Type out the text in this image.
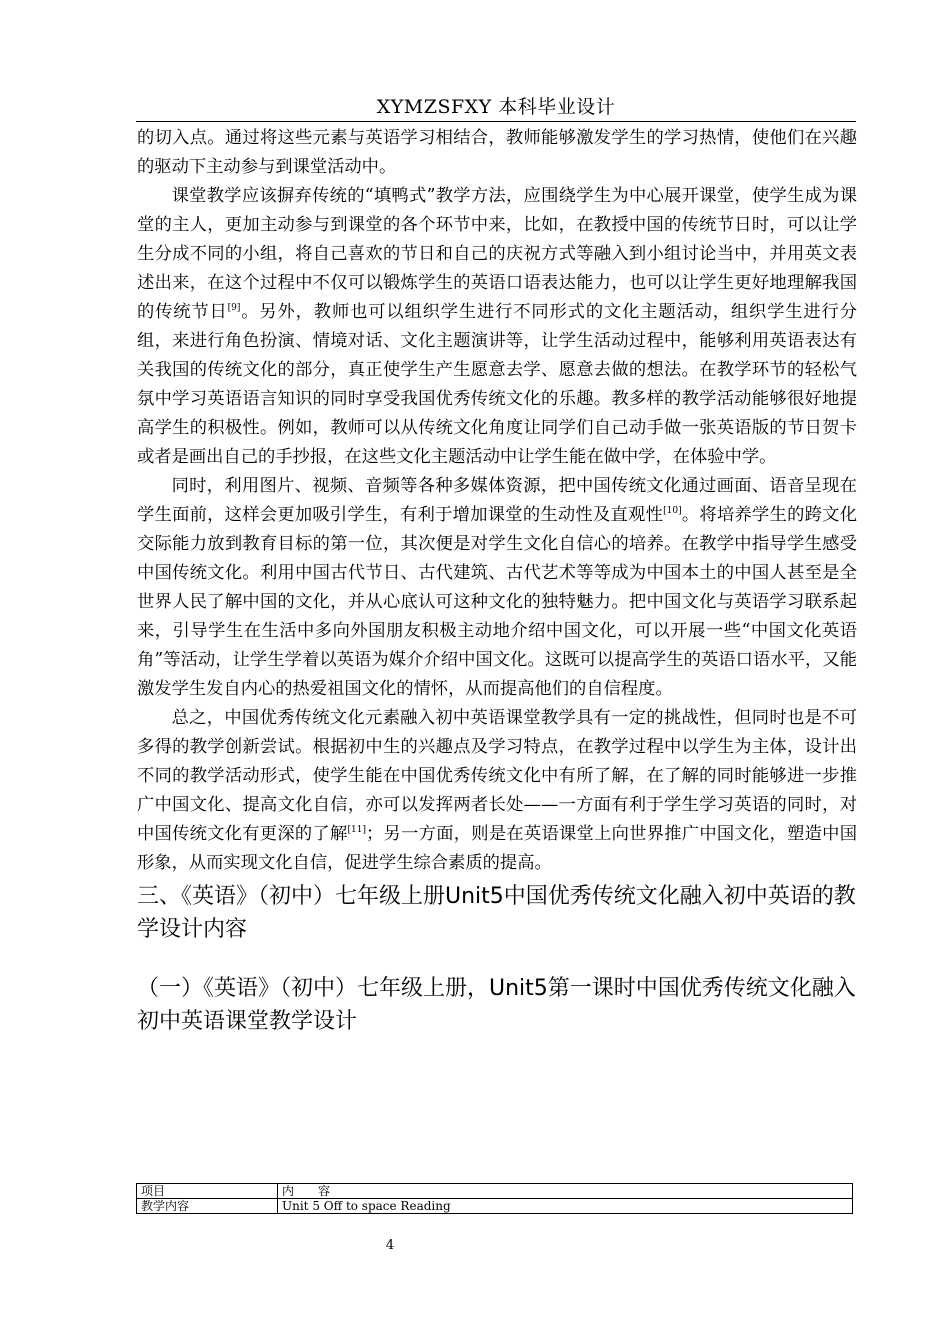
XYMZSFXY 本科毕业设计

的切入点。通过将这些元素与英语学习相结合，教师能够激发学生的学习热情，使他们在兴趣的驱动下主动参与到课堂活动中。

课堂教学应该摒弃传统的“填鸭式”教学方法，应围绕学生为中心展开课堂，使学生成为课堂的主人，更加主动参与到课堂的各个环节中来，比如，在教授中国的传统节日时，可以让学生分成不同的小组，将自己喜欢的节日和自己的庆祝方式等融入到小组讨论当中，并用英文表述出来，在这个过程中不仅可以锻炼学生的英语口语表达能力，也可以让学生更好地理解我国的传统节日[9]。另外，教师也可以组织学生进行不同形式的文化主题活动，组织学生进行分组，来进行角色扮演、情境对话、文化主题演讲等，让学生活动过程中，能够利用英语表达有关我国的传统文化的部分，真正使学生产生愿意去学、愿意去做的想法。在教学环节的轻松气氛中学习英语语言知识的同时享受我国优秀传统文化的乐趣。教多样的教学活动能够很好地提高学生的积极性。例如，教师可以从传统文化角度让同学们自己动手做一张英语版的节日贺卡或者是画出自己的手抄报，在这些文化主题活动中让学生能在做中学，在体验中学。

同时，利用图片、视频、音频等各种多媒体资源，把中国传统文化通过画面、语音呈现在学生面前，这样会更加吸引学生，有利于增加课堂的生动性及直观性[10]。将培养学生的跨文化交际能力放到教育目标的第一位，其次便是对学生文化自信心的培养。在教学中指导学生感受中国传统文化。利用中国古代节日、古代建筑、古代艺术等等成为中国本土的中国人甚至是全世界人民了解中国的文化，并从心底认可这种文化的独特魅力。把中国文化与英语学习联系起来，引导学生在生活中多向外国朋友积极主动地介绍中国文化，可以开展一些“中国文化英语角”等活动，让学生学着以英语为媒介介绍中国文化。这既可以提高学生的英语口语水平，又能激发学生发自内心的热爱祖国文化的情怀，从而提高他们的自信程度。

总之，中国优秀传统文化元素融入初中英语课堂教学具有一定的挑战性，但同时也是不可多得的教学创新尝试。根据初中生的兴趣点及学习特点，在教学过程中以学生为主体，设计出不同的教学活动形式，使学生能在中国优秀传统文化中有所了解，在了解的同时能够进一步推广中国文化、提高文化自信，亦可以发挥两者长处——一方面有利于学生学习英语的同时，对中国传统文化有更深的了解[11]；另一方面，则是在英语课堂上向世界推广中国文化，塑造中国形象，从而实现文化自信，促进学生综合素质的提高。

三、《英语》（初中）七年级上册Unit5中国优秀传统文化融入初中英语的教学设计内容
（一）《英语》（初中）七年级上册，Unit5第一课时中国优秀传统文化融入初中英语课堂教学设计
项目	内　　容
教学内容	Unit 5 Off to space Reading
4
